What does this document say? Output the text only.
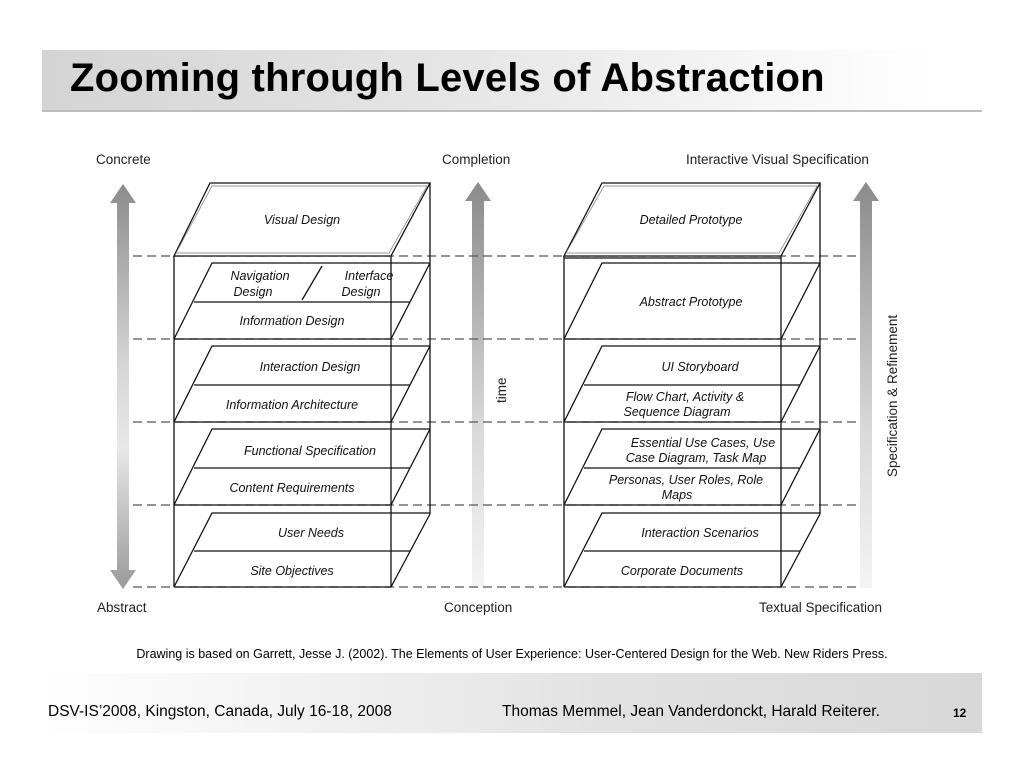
Zooming through Levels of Abstraction
Concrete
Abstract
Completion
Conception
Interactive Visual Specification
Textual Specification
time	Specification & Refinement
Visual Design
Navigation
Design
Interface
Design
Information Design
Interaction Design
Information Architecture
Functional Specification
Content Requirements
User Needs
Site Objectives
Detailed Prototype
Abstract Prototype
UI Storyboard
Flow Chart, Activity &
Sequence Diagram
Essential Use Cases, Use
Case Diagram, Task Map
Personas, User Roles, Role
Maps
Interaction Scenarios
Corporate Documents
Drawing is based on Garrett, Jesse J. (2002). The Elements of User Experience: User-Centered Design for the Web. New Riders Press.
DSV-IS’2008, Kingston, Canada, July 16-18, 2008	Thomas Memmel, Jean Vanderdonckt, Harald Reiterer.	12
